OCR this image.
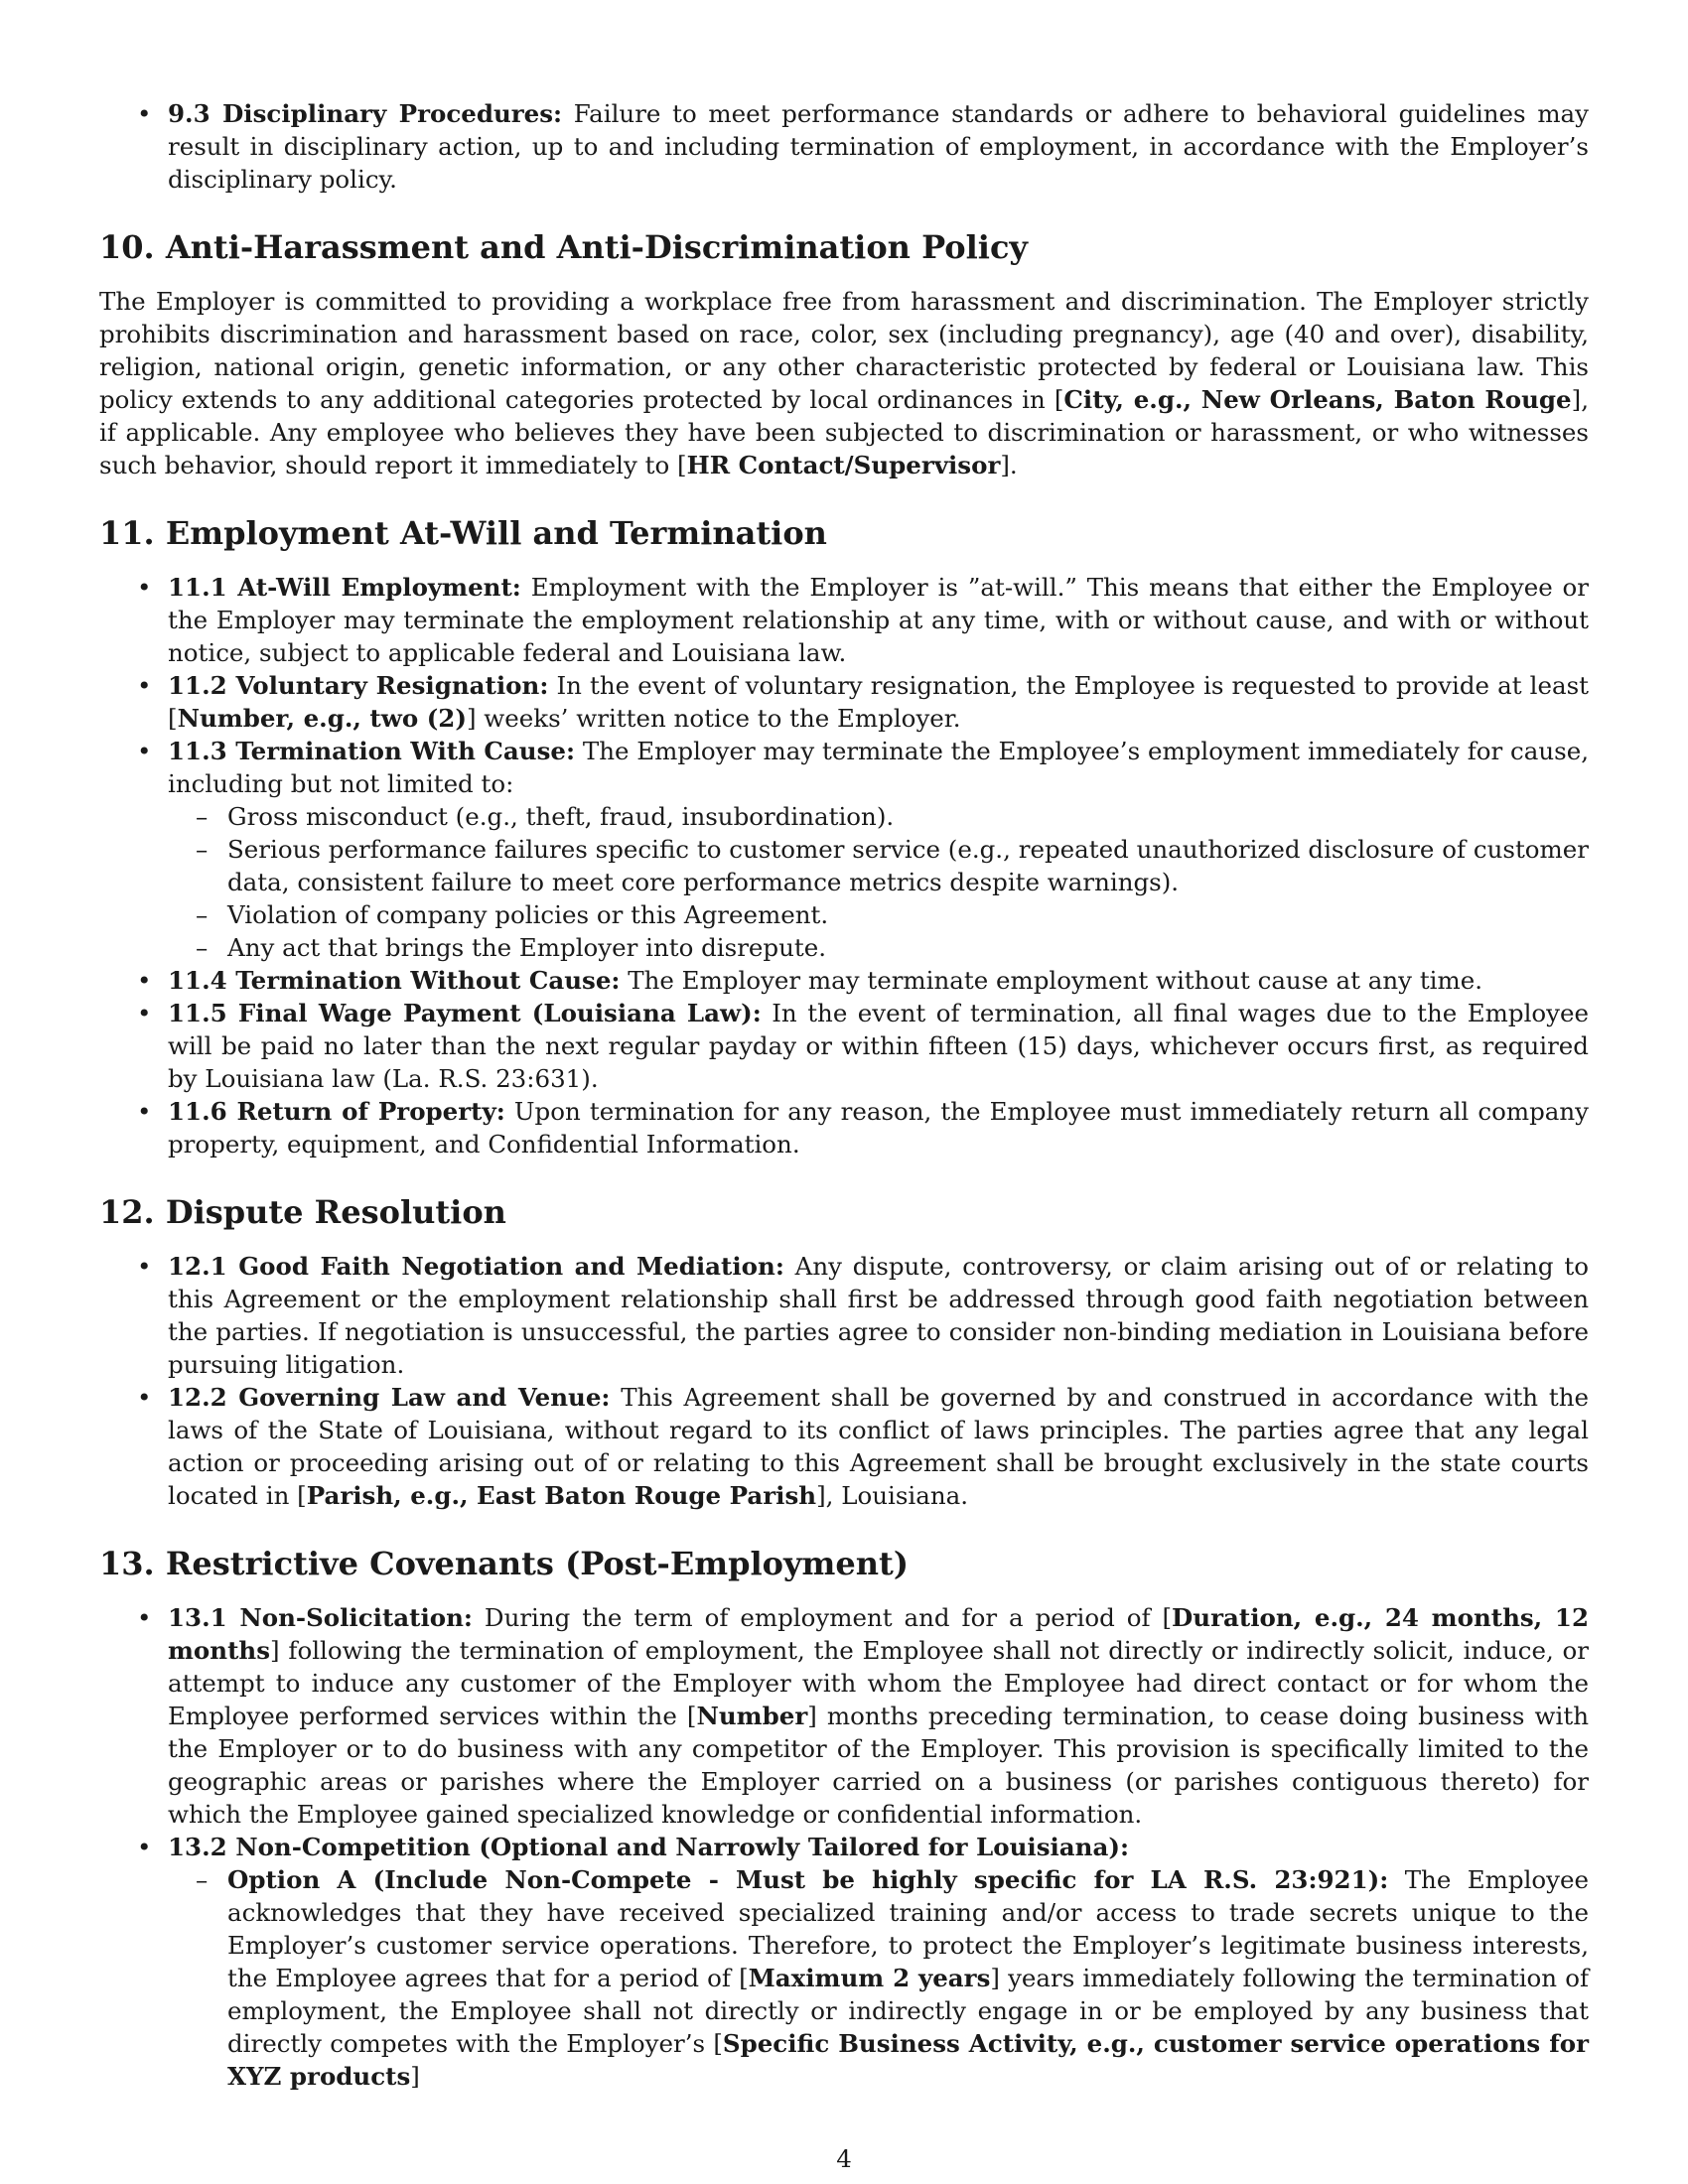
• 9.3 Disciplinary Procedures: Failure to meet performance standards or adhere to behavioral guidelines may result in disciplinary action, up to and including termination of employment, in accordance with the Employer’s disciplinary policy.
10. Anti-Harassment and Anti-Discrimination Policy

The Employer is committed to providing a workplace free from harassment and discrimination. The Employer strictly prohibits discrimination and harassment based on race, color, sex (including pregnancy), age (40 and over), disability, religion, national origin, genetic information, or any other characteristic protected by federal or Louisiana law. This policy extends to any additional categories protected by local ordinances in [City, e.g., New Orleans, Baton Rouge], if applicable. Any employee who believes they have been subjected to discrimination or harassment, or who witnesses such behavior, should report it immediately to [HR Contact/Supervisor].

11. Employment At-Will and Termination
• 11.1 At-Will Employment: Employment with the Employer is ”at-will.” This means that either the Employee or the Employer may terminate the employment relationship at any time, with or without cause, and with or without notice, subject to applicable federal and Louisiana law.
• 11.2 Voluntary Resignation: In the event of voluntary resignation, the Employee is requested to provide at least [Number, e.g., two (2)] weeks’ written notice to the Employer.
• 11.3 Termination With Cause: The Employer may terminate the Employee’s employment immediately for cause, including but not limited to:
– Gross misconduct (e.g., theft, fraud, insubordination).
– Serious performance failures specific to customer service (e.g., repeated unauthorized disclosure of customer data, consistent failure to meet core performance metrics despite warnings).
– Violation of company policies or this Agreement.
– Any act that brings the Employer into disrepute.
• 11.4 Termination Without Cause: The Employer may terminate employment without cause at any time.
• 11.5 Final Wage Payment (Louisiana Law): In the event of termination, all final wages due to the Employee will be paid no later than the next regular payday or within fifteen (15) days, whichever occurs first, as required by Louisiana law (La. R.S. 23:631).
• 11.6 Return of Property: Upon termination for any reason, the Employee must immediately return all company property, equipment, and Confidential Information.
12. Dispute Resolution
• 12.1 Good Faith Negotiation and Mediation: Any dispute, controversy, or claim arising out of or relating to this Agreement or the employment relationship shall first be addressed through good faith negotiation between the parties. If negotiation is unsuccessful, the parties agree to consider non-binding mediation in Louisiana before pursuing litigation.
• 12.2 Governing Law and Venue: This Agreement shall be governed by and construed in accordance with the laws of the State of Louisiana, without regard to its conflict of laws principles. The parties agree that any legal action or proceeding arising out of or relating to this Agreement shall be brought exclusively in the state courts located in [Parish, e.g., East Baton Rouge Parish], Louisiana.
13. Restrictive Covenants (Post-Employment)
• 13.1 Non-Solicitation: During the term of employment and for a period of [Duration, e.g., 24 months, 12 months] following the termination of employment, the Employee shall not directly or indirectly solicit, induce, or attempt to induce any customer of the Employer with whom the Employee had direct contact or for whom the Employee performed services within the [Number] months preceding termination, to cease doing business with the Employer or to do business with any competitor of the Employer. This provision is specifically limited to the geographic areas or parishes where the Employer carried on a business (or parishes contiguous thereto) for which the Employee gained specialized knowledge or confidential information.
• 13.2 Non-Competition (Optional and Narrowly Tailored for Louisiana):
– Option A (Include Non-Compete - Must be highly specific for LA R.S. 23:921): The Employee acknowledges that they have received specialized training and/or access to trade secrets unique to the Employer’s customer service operations. Therefore, to protect the Employer’s legitimate business interests, the Employee agrees that for a period of [Maximum 2 years] years immediately following the termination of employment, the Employee shall not directly or indirectly engage in or be employed by any business that directly competes with the Employer’s [Specific Business Activity, e.g., customer service operations for XYZ products]
4
